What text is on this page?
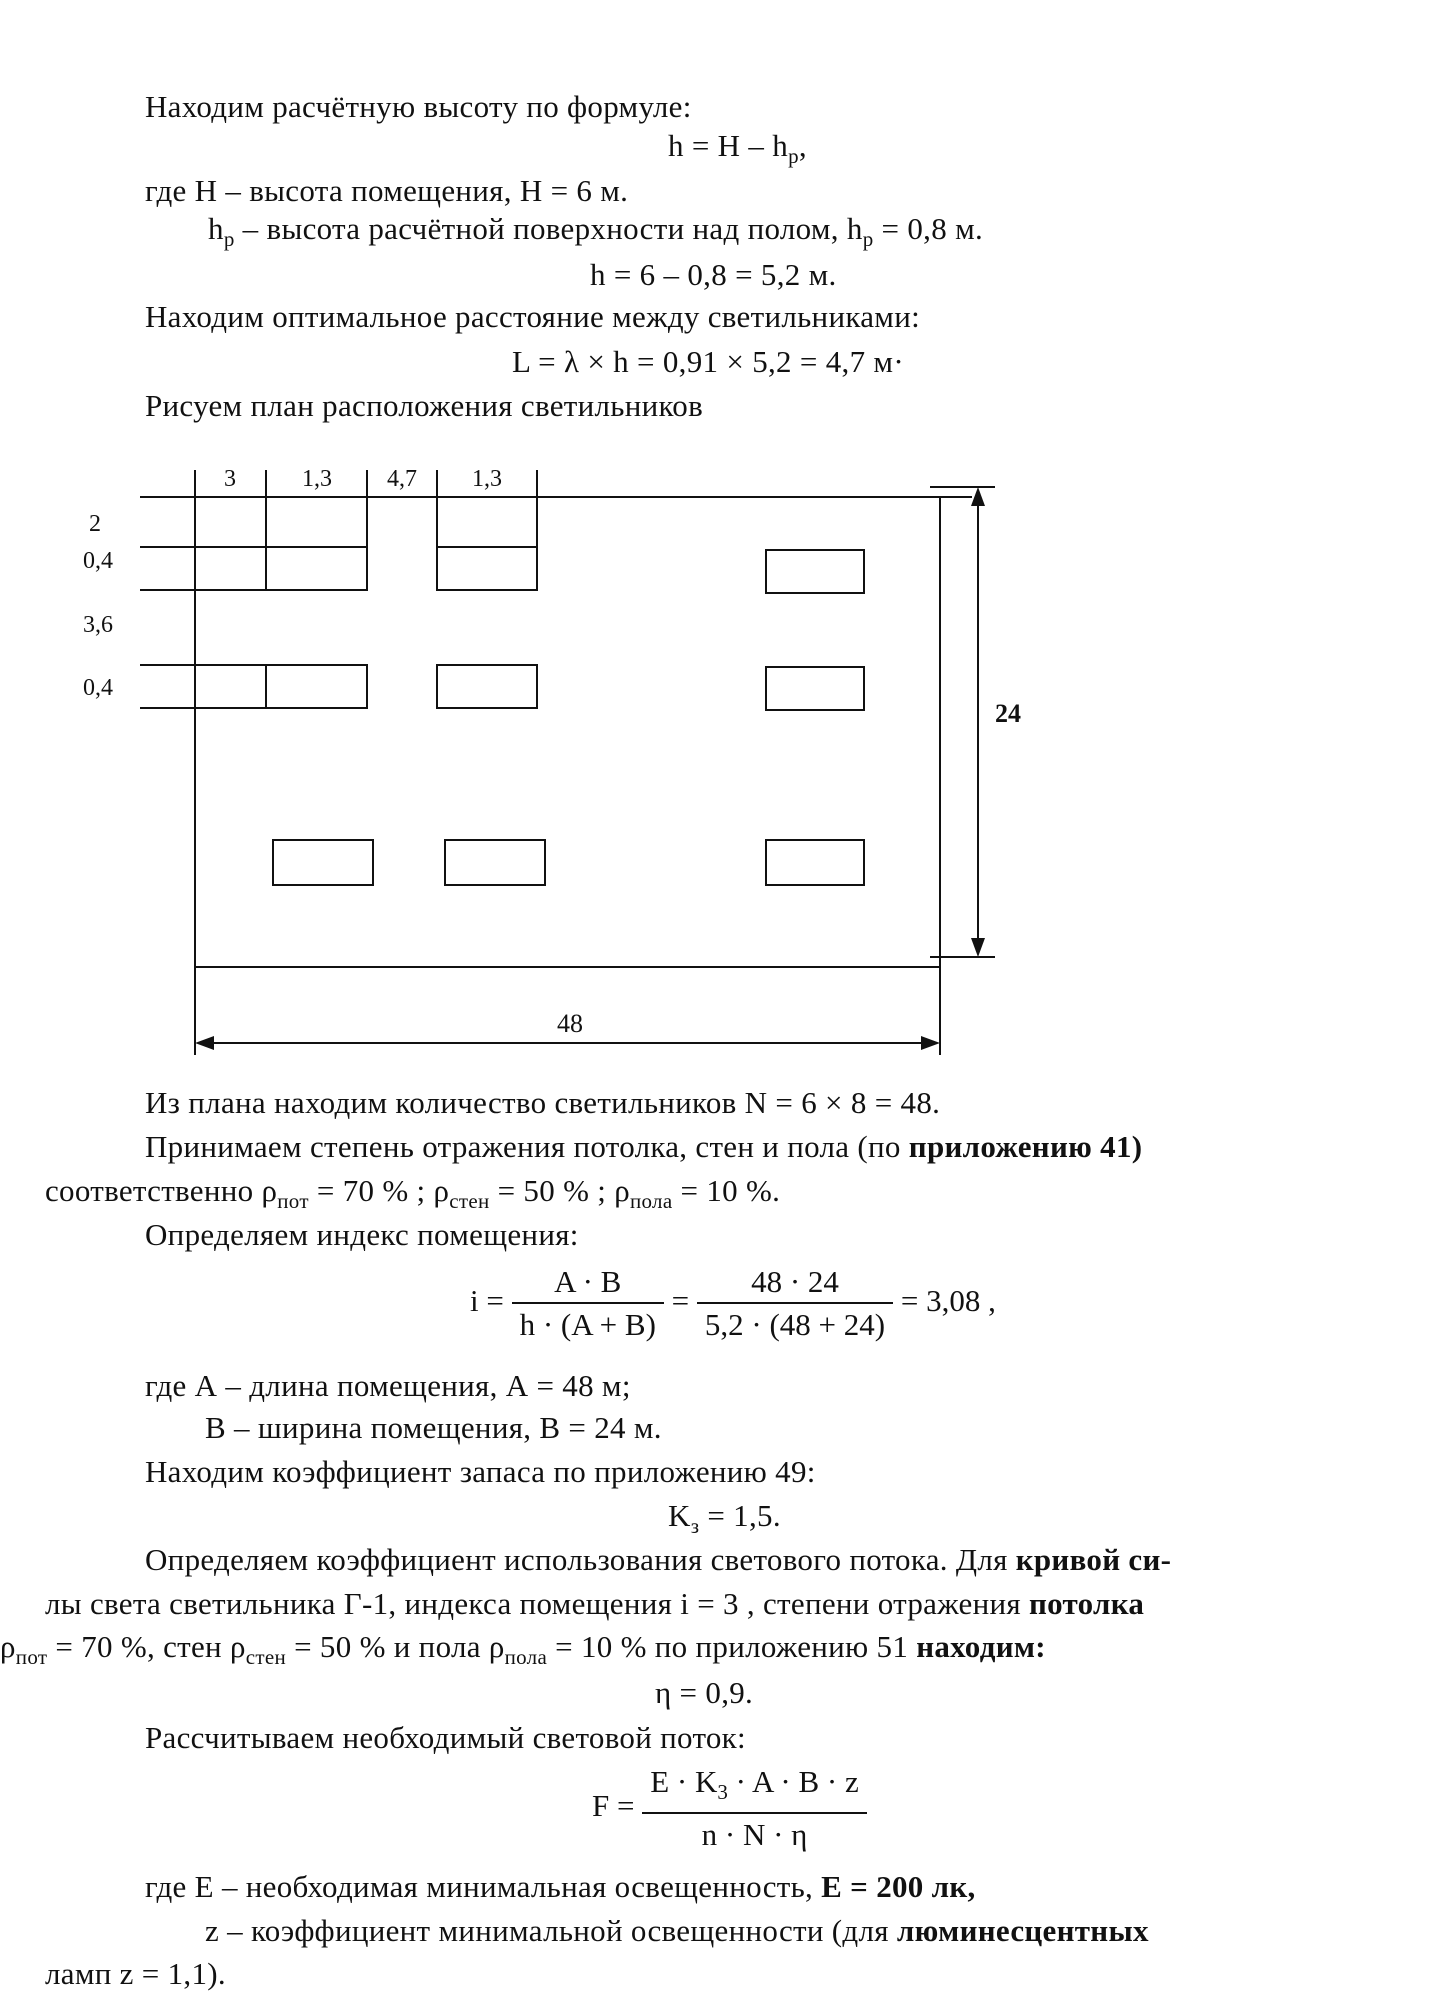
Находим расчётную высоту по формуле:
$h = H - h_p$,
где H – высота помещения, H = 6 м.
$h_p$ – высота расчётной поверхности над полом, $h_p = 0,8$ м.
h = 6 – 0,8 = 5,2 м.
Находим оптимальное расстояние между светильниками:
L = λ × h = 0,91 × 5,2 = 4,7 м·
Рисуем план расположения светильников
3	1,3 4,7 1,3
2
0,4
3,6
0,4
24
48
Из плана находим количество светильников N = 6 × 8 = 48.
Принимаем степень отражения потолка, стен и пола (по приложению 41)
соответственно $\rho_{пот} = 70$ % ; $\rho_{стен} = 50$ % ; $\rho_{пола} = 10$ %.
Определяем индекс помещения:
$i = \frac{A \cdot B}{h \cdot (A + B)} = \frac{48 \cdot 24}{5,2 \cdot (48 + 24)} = 3,08$ ,
где А – длина помещения, А = 48 м;
В – ширина помещения, В = 24 м.
Находим коэффициент запаса по приложению 49:
$K_з = 1,5$.
Определяем коэффициент использования светового потока. Для кривой си-
лы света светильника Г-1, индекса помещения i = 3 , степени отражения потолка
$\rho_{пот} = 70$ %, стен $\rho_{стен} = 50$ % и пола $\rho_{пола} = 10$ % по приложению 51 находим:
η = 0,9.
Рассчитываем необходимый световой поток:
$F = \frac{E \cdot K_3 \cdot A \cdot B \cdot z}{n \cdot N \cdot \eta}$
где Е – необходимая минимальная освещенность, E = 200 лк,
z – коэффициент минимальной освещенности (для люминесцентных
ламп z = 1,1).
